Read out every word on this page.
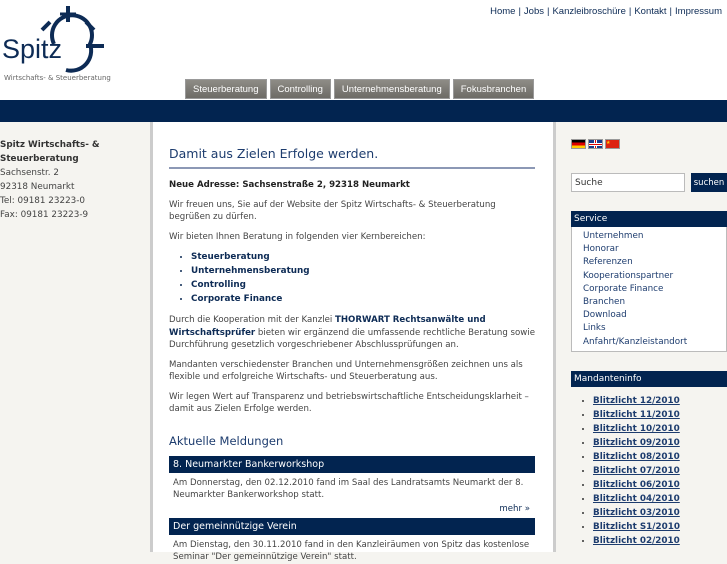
Spitz
Wirtschafts- & Steuerberatung
Home | Jobs | Kanzleibroschüre | Kontakt | Impressum
Steuerberatung	Controlling	Unternehmensberatung	Fokusbranchen
Spitz Wirtschafts- &
Steuerberatung
Sachsenstr. 2
92318 Neumarkt
Tel: 09181 23223-0
Fax: 09181 23223-9
Damit aus Zielen Erfolge werden.

Neue Adresse: Sachsenstraße 2, 92318 Neumarkt

Wir freuen uns, Sie auf der Website der Spitz Wirtschafts- & Steuerberatung begrüßen zu dürfen.

Wir bieten Ihnen Beratung in folgenden vier Kernbereichen:

• Steuerberatung
• Unternehmensberatung
• Controlling
• Corporate Finance

Durch die Kooperation mit der Kanzlei THORWART Rechtsanwälte und Wirtschaftsprüfer bieten wir ergänzend die umfassende rechtliche Beratung sowie Durchführung gesetzlich vorgeschriebener Abschlussprüfungen an.

Mandanten verschiedenster Branchen und Unternehmensgrößen zeichnen uns als flexible und erfolgreiche Wirtschafts- und Steuerberatung aus.

Wir legen Wert auf Transparenz und betriebswirtschaftliche Entscheidungsklarheit – damit aus Zielen Erfolge werden.

Aktuelle Meldungen
8. Neumarkter Bankerworkshop
Am Donnerstag, den 02.12.2010 fand im Saal des Landratsamts Neumarkt der 8. Neumarkter Bankerworkshop statt.
mehr »
Der gemeinnützige Verein
Am Dienstag, den 30.11.2010 fand in den Kanzleiräumen von Spitz das kostenlose Seminar "Der gemeinnützige Verein" statt.
★
Suche
suchen
Service
Unternehmen
Honorar
Referenzen
Kooperationspartner
Corporate Finance
Branchen
Download
Links
Anfahrt/Kanzleistandort
Mandanteninfo
• Blitzlicht 12/2010
• Blitzlicht 11/2010
• Blitzlicht 10/2010
• Blitzlicht 09/2010
• Blitzlicht 08/2010
• Blitzlicht 07/2010
• Blitzlicht 06/2010
• Blitzlicht 04/2010
• Blitzlicht 03/2010
• Blitzlicht S1/2010
• Blitzlicht 02/2010
